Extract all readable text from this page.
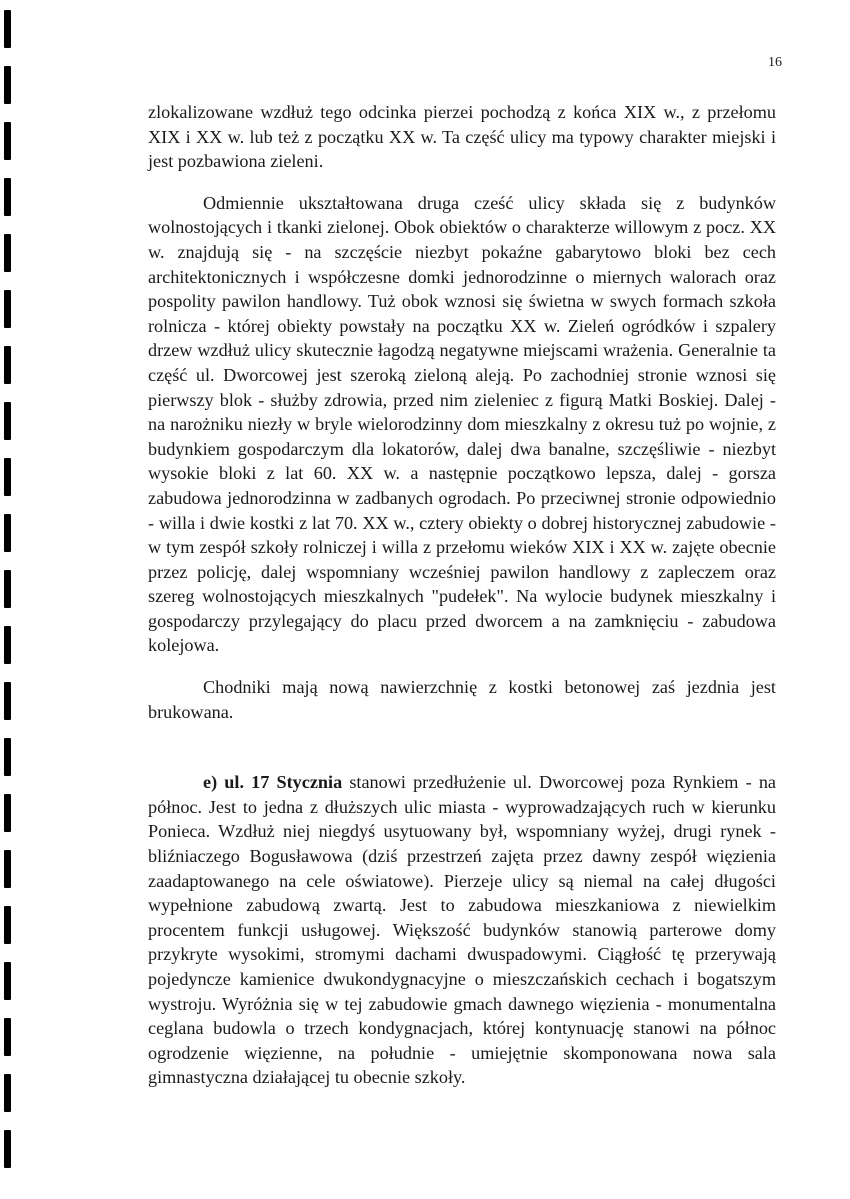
16

zlokalizowane wzdłuż tego odcinka pierzei pochodzą z końca XIX w., z przełomu XIX i XX w. lub też z początku XX w. Ta część ulicy ma typowy charakter miejski i jest pozbawiona zieleni.

Odmiennie ukształtowana druga cześć ulicy składa się z budynków wolnostojących i tkanki zielonej. Obok obiektów o charakterze willowym z pocz. XX w. znajdują się - na szczęście niezbyt pokaźne gabarytowo bloki bez cech architektonicznych i współczesne domki jednorodzinne o miernych walorach oraz pospolity pawilon handlowy. Tuż obok wznosi się świetna w swych formach szkoła rolnicza - której obiekty powstały na początku XX w. Zieleń ogródków i szpalery drzew wzdłuż ulicy skutecznie łagodzą negatywne miejscami wrażenia. Generalnie ta część ul. Dworcowej jest szeroką zieloną aleją. Po zachodniej stronie wznosi się pierwszy blok - służby zdrowia, przed nim zieleniec z figurą Matki Boskiej. Dalej - na narożniku niezły w bryle wielorodzinny dom mieszkalny z okresu tuż po wojnie, z budynkiem gospodarczym dla lokatorów, dalej dwa banalne, szczęśliwie - niezbyt wysokie bloki z lat 60. XX w. a następnie początkowo lepsza, dalej - gorsza zabudowa jednorodzinna w zadbanych ogrodach. Po przeciwnej stronie odpowiednio - willa i dwie kostki z lat 70. XX w., cztery obiekty o dobrej historycznej zabudowie - w tym zespół szkoły rolniczej i willa z przełomu wieków XIX i XX w. zajęte obecnie przez policję, dalej wspomniany wcześniej pawilon handlowy z zapleczem oraz szereg wolnostojących mieszkalnych "pudełek". Na wylocie budynek mieszkalny i gospodarczy przylegający do placu przed dworcem a na zamknięciu - zabudowa kolejowa.

Chodniki mają nową nawierzchnię z kostki betonowej zaś jezdnia jest brukowana.

e) ul. 17 Stycznia stanowi przedłużenie ul. Dworcowej poza Rynkiem - na północ. Jest to jedna z dłuższych ulic miasta - wyprowadzających ruch w kierunku Ponieca. Wzdłuż niej niegdyś usytuowany był, wspomniany wyżej, drugi rynek - bliźniaczego Bogusławowa (dziś przestrzeń zajęta przez dawny zespół więzienia zaadaptowanego na cele oświatowe). Pierzeje ulicy są niemal na całej długości wypełnione zabudową zwartą. Jest to zabudowa mieszkaniowa z niewielkim procentem funkcji usługowej. Większość budynków stanowią parterowe domy przykryte wysokimi, stromymi dachami dwuspadowymi. Ciągłość tę przerywają pojedyncze kamienice dwukondygnacyjne o mieszczańskich cechach i bogatszym wystroju. Wyróżnia się w tej zabudowie gmach dawnego więzienia - monumentalna ceglana budowla o trzech kondygnacjach, której kontynuację stanowi na północ ogrodzenie więzienne, na południe - umiejętnie skomponowana nowa sala gimnastyczna działającej tu obecnie szkoły.
